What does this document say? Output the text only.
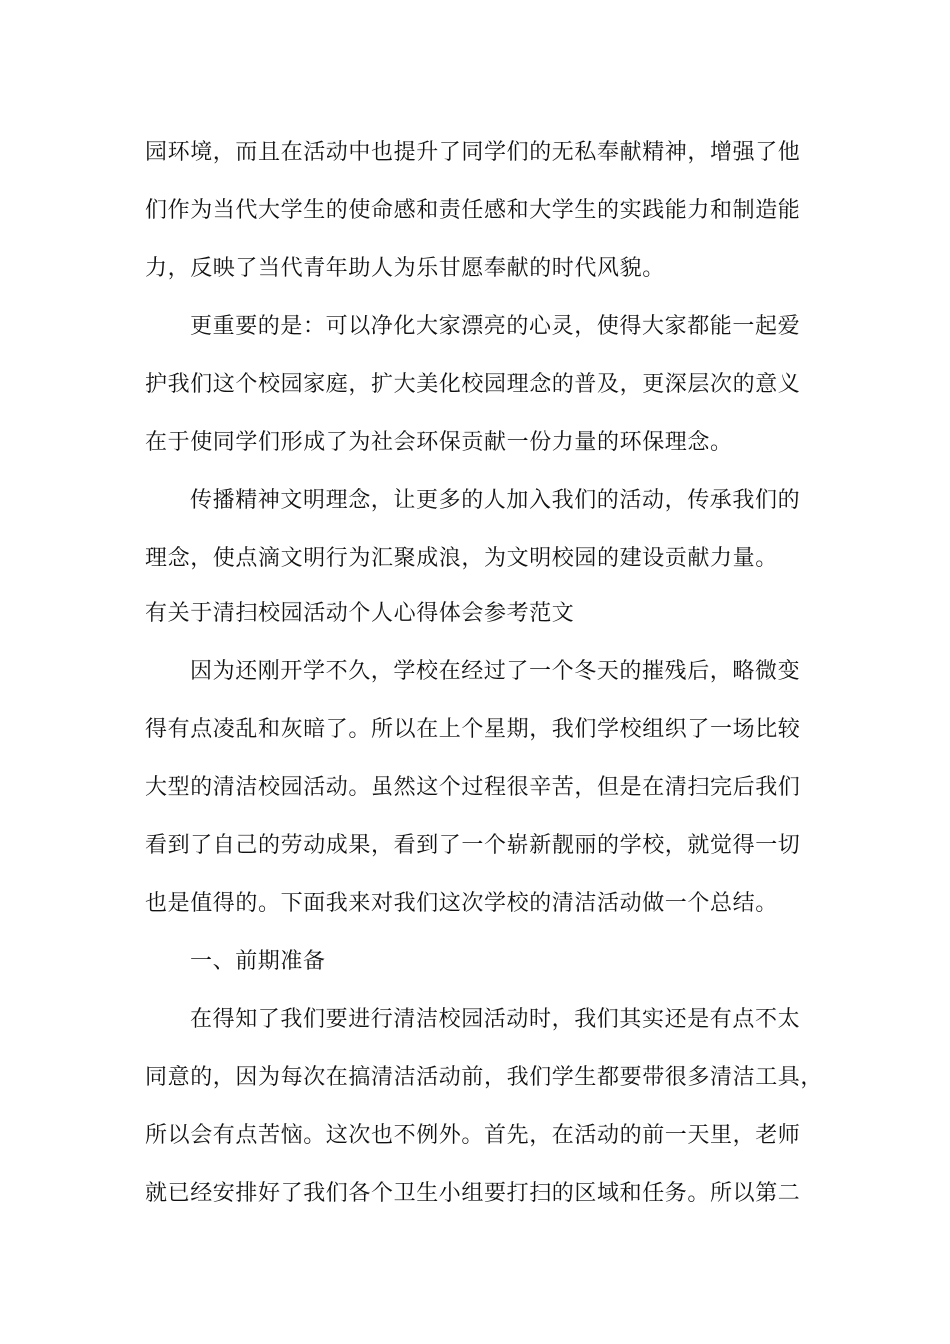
园环境，而且在活动中也提升了同学们的无私奉献精神，增强了他
们作为当代大学生的使命感和责任感和大学生的实践能力和制造能
力，反映了当代青年助人为乐甘愿奉献的时代风貌。
更重要的是：可以净化大家漂亮的心灵，使得大家都能一起爱
护我们这个校园家庭，扩大美化校园理念的普及，更深层次的意义
在于使同学们形成了为社会环保贡献一份力量的环保理念。
传播精神文明理念，让更多的人加入我们的活动，传承我们的
理念，使点滴文明行为汇聚成浪，为文明校园的建设贡献力量。
有关于清扫校园活动个人心得体会参考范文
因为还刚开学不久，学校在经过了一个冬天的摧残后，略微变
得有点凌乱和灰暗了。所以在上个星期，我们学校组织了一场比较
大型的清洁校园活动。虽然这个过程很辛苦，但是在清扫完后我们
看到了自己的劳动成果，看到了一个崭新靓丽的学校，就觉得一切
也是值得的。下面我来对我们这次学校的清洁活动做一个总结。
一、前期准备
在得知了我们要进行清洁校园活动时，我们其实还是有点不太
同意的，因为每次在搞清洁活动前，我们学生都要带很多清洁工具，
所以会有点苦恼。这次也不例外。首先，在活动的前一天里，老师
就已经安排好了我们各个卫生小组要打扫的区域和任务。所以第二
